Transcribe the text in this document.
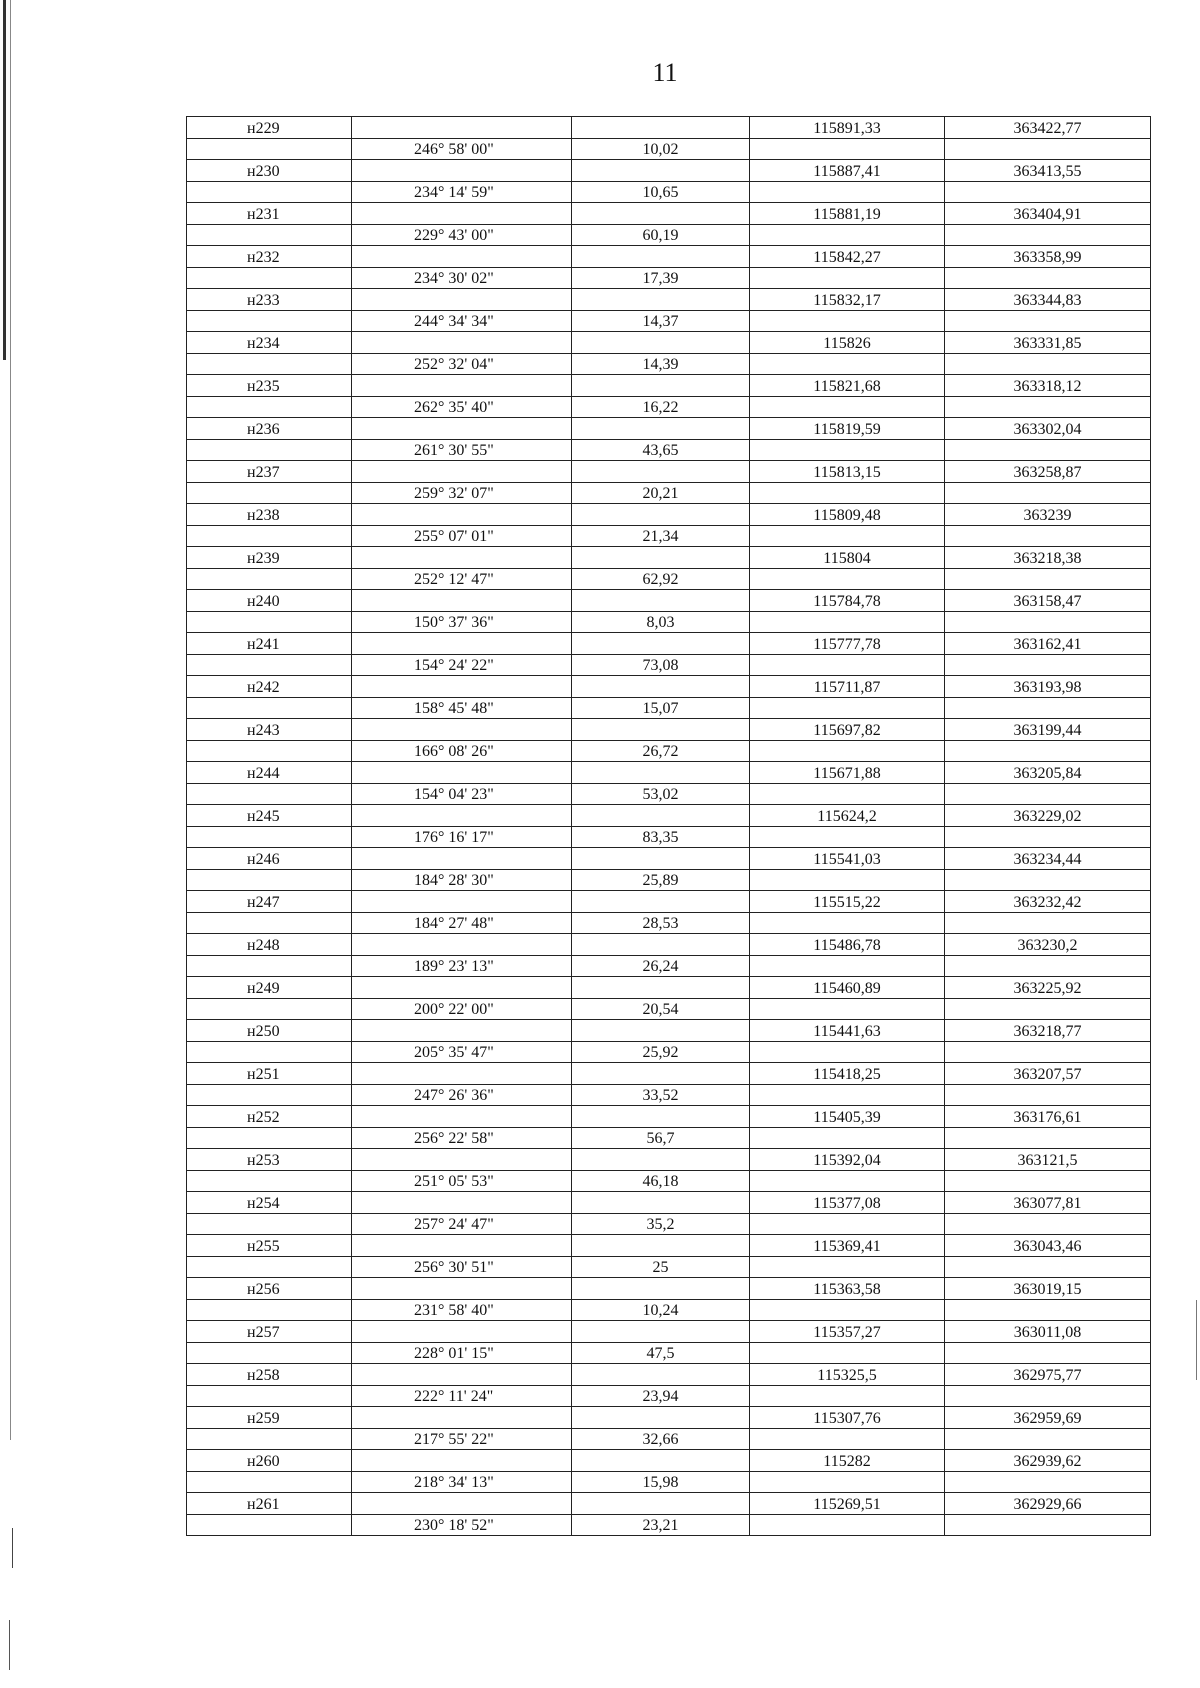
11
н229			115891,33	363422,77
	246° 58' 00"	10,02		
н230			115887,41	363413,55
	234° 14' 59"	10,65		
н231			115881,19	363404,91
	229° 43' 00"	60,19		
н232			115842,27	363358,99
	234° 30' 02"	17,39		
н233			115832,17	363344,83
	244° 34' 34"	14,37		
н234			115826	363331,85
	252° 32' 04"	14,39		
н235			115821,68	363318,12
	262° 35' 40"	16,22		
н236			115819,59	363302,04
	261° 30' 55"	43,65		
н237			115813,15	363258,87
	259° 32' 07"	20,21		
н238			115809,48	363239
	255° 07' 01"	21,34		
н239			115804	363218,38
	252° 12' 47"	62,92		
н240			115784,78	363158,47
	150° 37' 36"	8,03		
н241			115777,78	363162,41
	154° 24' 22"	73,08		
н242			115711,87	363193,98
	158° 45' 48"	15,07		
н243			115697,82	363199,44
	166° 08' 26"	26,72		
н244			115671,88	363205,84
	154° 04' 23"	53,02		
н245			115624,2	363229,02
	176° 16' 17"	83,35		
н246			115541,03	363234,44
	184° 28' 30"	25,89		
н247			115515,22	363232,42
	184° 27' 48"	28,53		
н248			115486,78	363230,2
	189° 23' 13"	26,24		
н249			115460,89	363225,92
	200° 22' 00"	20,54		
н250			115441,63	363218,77
	205° 35' 47"	25,92		
н251			115418,25	363207,57
	247° 26' 36"	33,52		
н252			115405,39	363176,61
	256° 22' 58"	56,7		
н253			115392,04	363121,5
	251° 05' 53"	46,18		
н254			115377,08	363077,81
	257° 24' 47"	35,2		
н255			115369,41	363043,46
	256° 30' 51"	25		
н256			115363,58	363019,15
	231° 58' 40"	10,24		
н257			115357,27	363011,08
	228° 01' 15"	47,5		
н258			115325,5	362975,77
	222° 11' 24"	23,94		
н259			115307,76	362959,69
	217° 55' 22"	32,66		
н260			115282	362939,62
	218° 34' 13"	15,98		
н261			115269,51	362929,66
	230° 18' 52"	23,21		
